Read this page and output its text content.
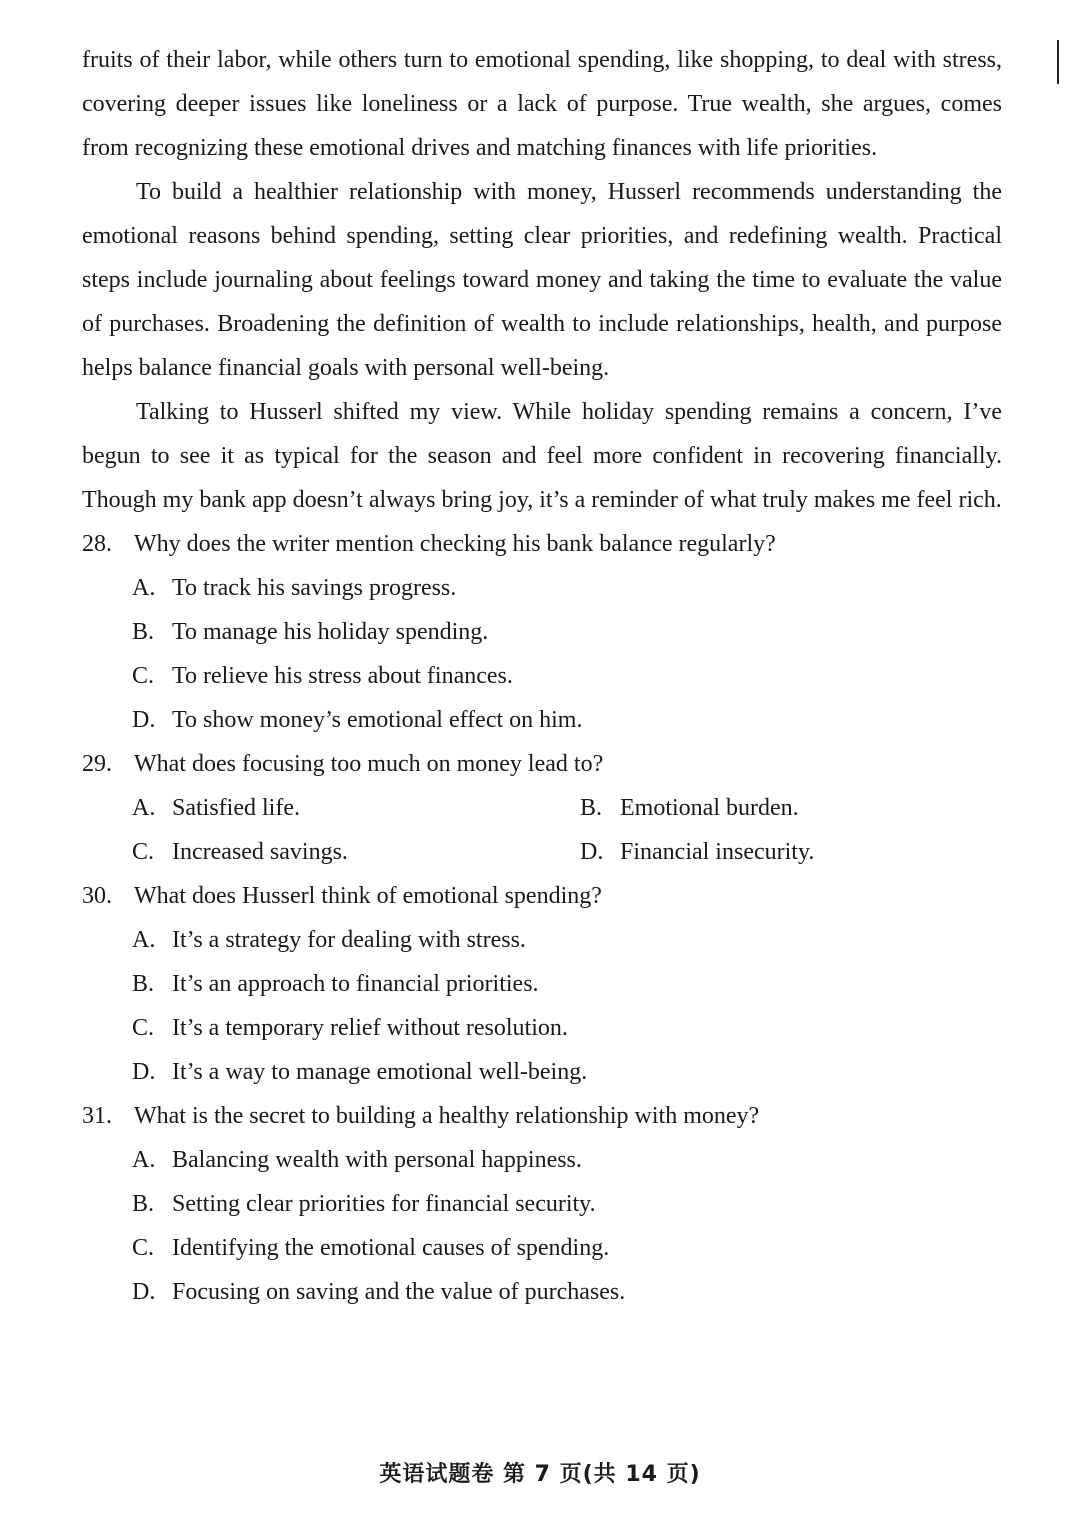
fruits of their labor, while others turn to emotional spending, like shopping, to deal with stress, covering deeper issues like loneliness or a lack of purpose. True wealth, she argues, comes from recognizing these emotional drives and matching finances with life priorities.

To build a healthier relationship with money, Husserl recommends understanding the emotional reasons behind spending, setting clear priorities, and redefining wealth. Practical steps include journaling about feelings toward money and taking the time to evaluate the value of purchases. Broadening the definition of wealth to include relationships, health, and purpose helps balance financial goals with personal well-being.

Talking to Husserl shifted my view. While holiday spending remains a concern, I’ve begun to see it as typical for the season and feel more confident in recovering financially. Though my bank app doesn’t always bring joy, it’s a reminder of what truly makes me feel rich.

28. Why does the writer mention checking his bank balance regularly?
A. To track his savings progress.
B. To manage his holiday spending.
C. To relieve his stress about finances.
D. To show money’s emotional effect on him.
29. What does focusing too much on money lead to?
A. Satisfied life.	B. Emotional burden.
C. Increased savings.	D. Financial insecurity.
30. What does Husserl think of emotional spending?
A. It’s a strategy for dealing with stress.
B. It’s an approach to financial priorities.
C. It’s a temporary relief without resolution.
D. It’s a way to manage emotional well-being.
31. What is the secret to building a healthy relationship with money?
A. Balancing wealth with personal happiness.
B. Setting clear priorities for financial security.
C. Identifying the emotional causes of spending.
D. Focusing on saving and the value of purchases.
英语试题卷 第 7 页(共 14 页)
